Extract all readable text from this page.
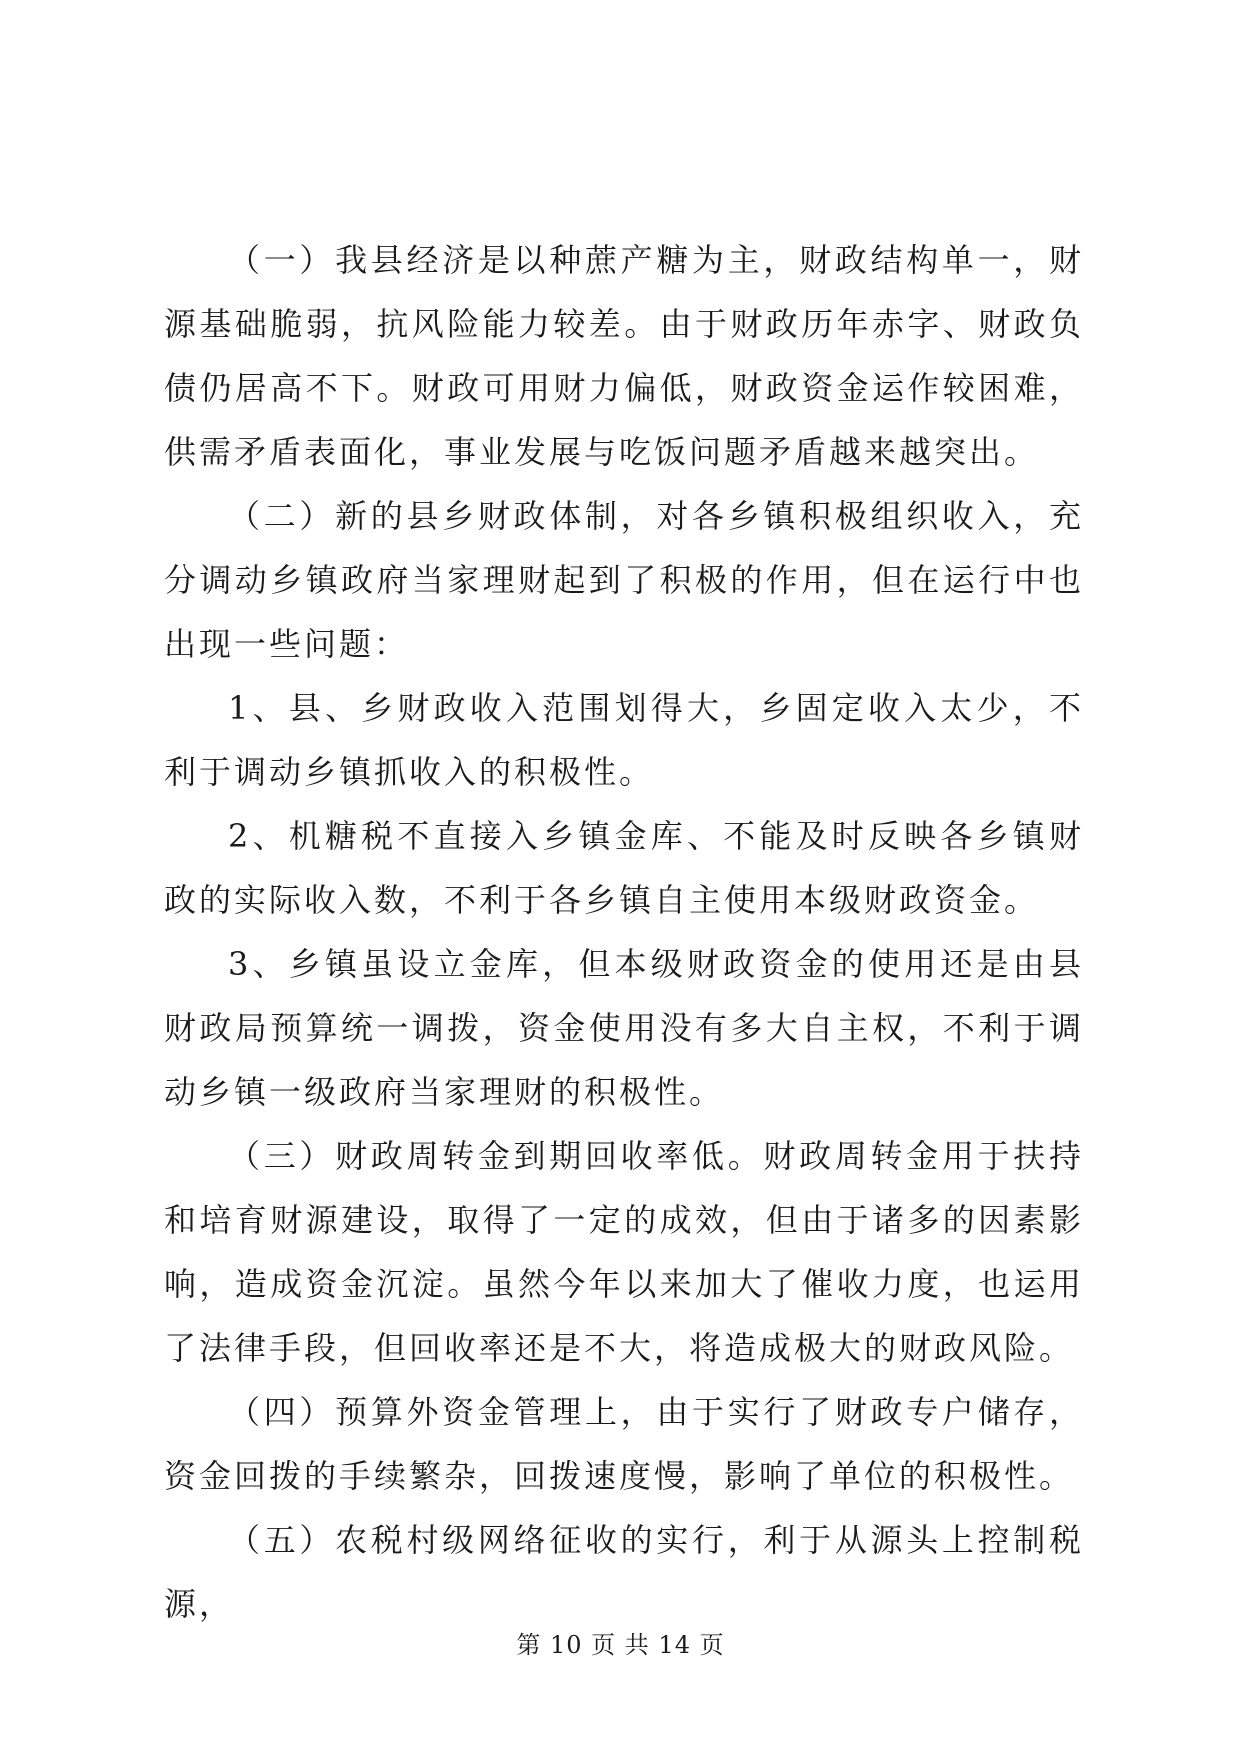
（一）我县经济是以种蔗产糖为主，财政结构单一，财源基础脆弱，抗风险能力较差。由于财政历年赤字、财政负债仍居高不下。财政可用财力偏低，财政资金运作较困难，供需矛盾表面化，事业发展与吃饭问题矛盾越来越突出。

（二）新的县乡财政体制，对各乡镇积极组织收入，充分调动乡镇政府当家理财起到了积极的作用，但在运行中也出现一些问题：

1、县、乡财政收入范围划得大，乡固定收入太少，不利于调动乡镇抓收入的积极性。

2、机糖税不直接入乡镇金库、不能及时反映各乡镇财政的实际收入数，不利于各乡镇自主使用本级财政资金。

3、乡镇虽设立金库，但本级财政资金的使用还是由县财政局预算统一调拨，资金使用没有多大自主权，不利于调动乡镇一级政府当家理财的积极性。

（三）财政周转金到期回收率低。财政周转金用于扶持和培育财源建设，取得了一定的成效，但由于诸多的因素影响，造成资金沉淀。虽然今年以来加大了催收力度，也运用了法律手段，但回收率还是不大，将造成极大的财政风险。

（四）预算外资金管理上，由于实行了财政专户储存，资金回拨的手续繁杂，回拨速度慢，影响了单位的积极性。

（五）农税村级网络征收的实行，利于从源头上控制税源，

第 10 页 共 14 页
